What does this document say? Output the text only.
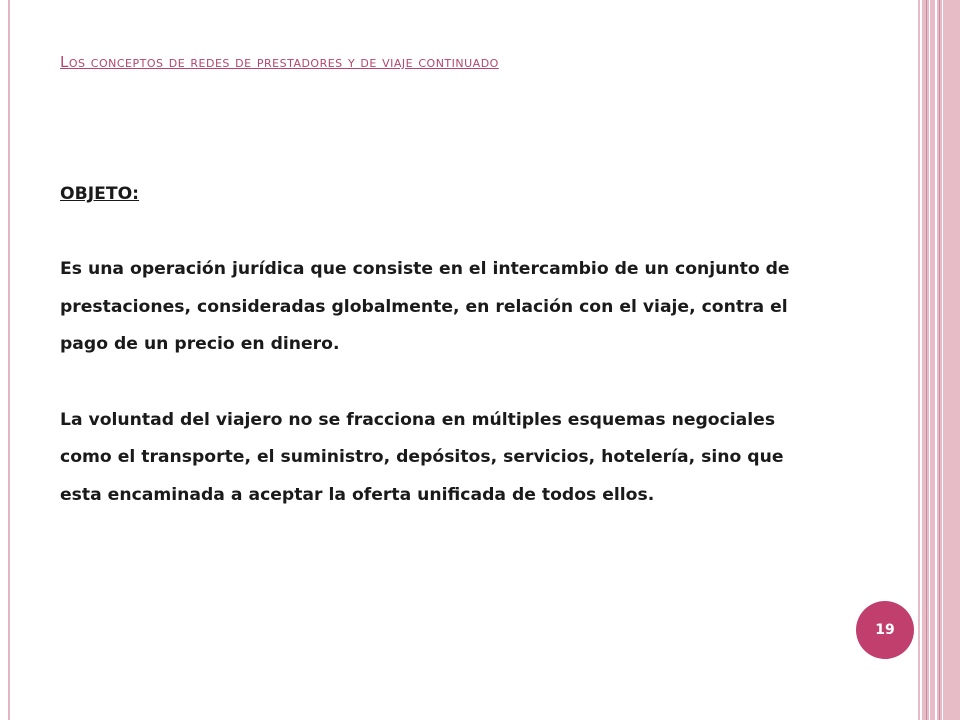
Los conceptos de redes de prestadores y de viaje continuado

OBJETO:

Es una operación jurídica que consiste en el intercambio de un conjunto de prestaciones, consideradas globalmente, en relación con el viaje, contra el pago de un precio en dinero.

La voluntad del viajero no se fracciona en múltiples esquemas negociales como el transporte, el suministro, depósitos, servicios, hotelería, sino que esta encaminada a aceptar la oferta unificada de todos ellos.

19
